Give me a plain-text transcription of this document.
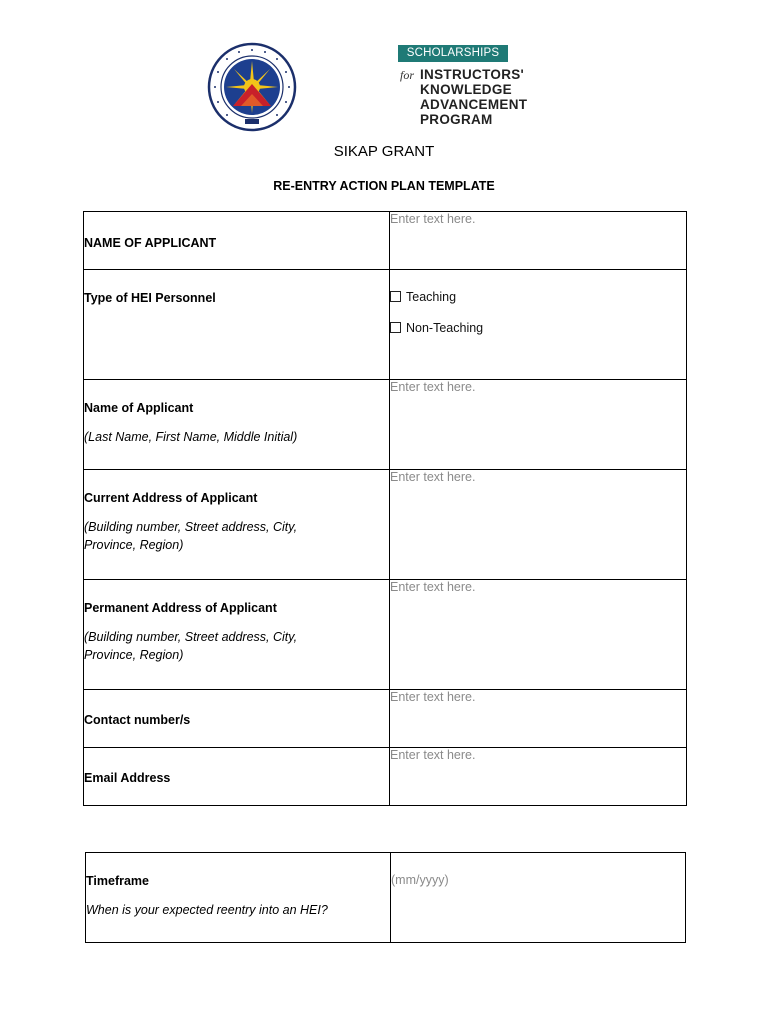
SCHOLARSHIPS
for INSTRUCTORS'
KNOWLEDGE
ADVANCEMENT
PROGRAM
SIKAP GRANT
RE-ENTRY ACTION PLAN TEMPLATE
NAME OF APPLICANT	Enter text here.

Type of HEI Personnel	Teaching
Non-Teaching

Name of Applicant
(Last Name, First Name, Middle Initial)	Enter text here.

Current Address of Applicant
(Building number, Street address, City, Province, Region)	Enter text here.

Permanent Address of Applicant
(Building number, Street address, City, Province, Region)	Enter text here.

Contact number/s	Enter text here.

Email Address	Enter text here.
Timeframe
When is your expected reentry into an HEI?
	(mm/yyyy)
